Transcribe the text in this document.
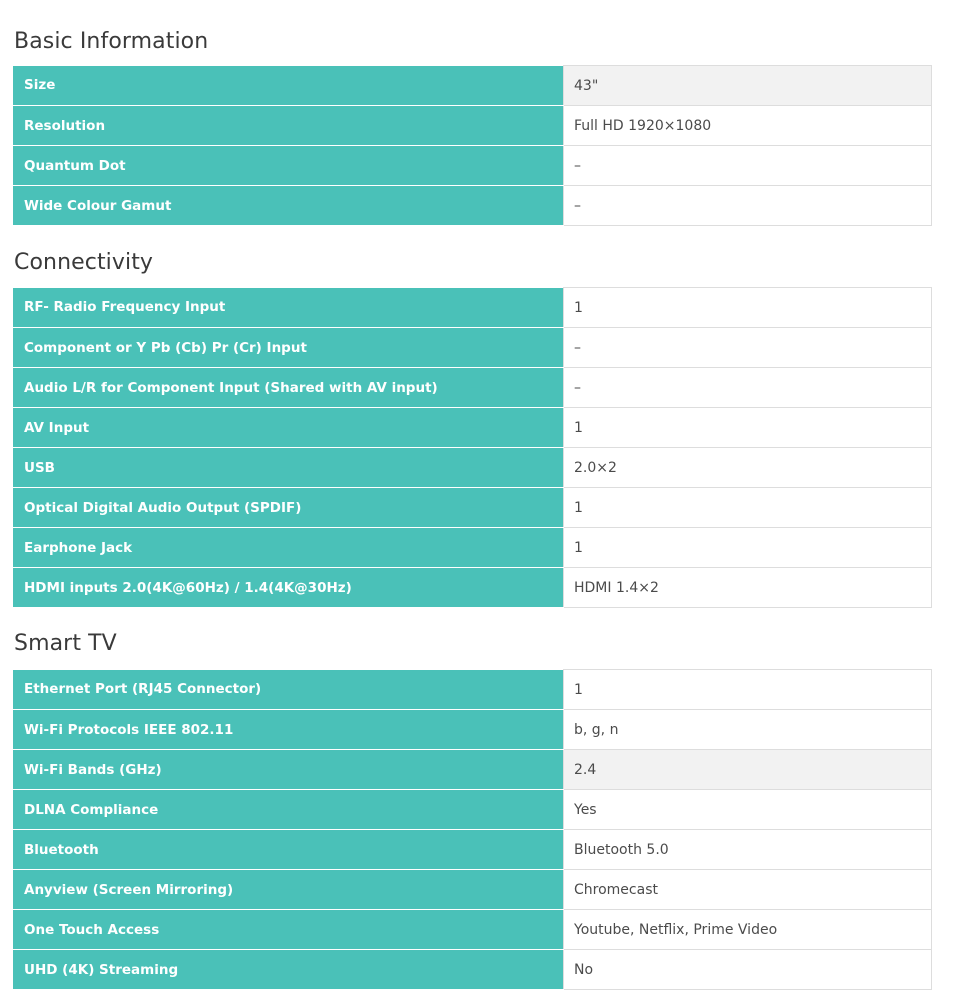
Basic Information
Size	43"
Resolution	Full HD 1920×1080
Quantum Dot	–
Wide Colour Gamut	–
Connectivity
RF- Radio Frequency Input	1
Component or Y Pb (Cb) Pr (Cr) Input	–
Audio L/R for Component Input (Shared with AV input)	–
AV Input	1
USB	2.0×2
Optical Digital Audio Output (SPDIF)	1
Earphone Jack	1
HDMI inputs 2.0(4K@60Hz) / 1.4(4K@30Hz)	HDMI 1.4×2
Smart TV
Ethernet Port (RJ45 Connector)	1
Wi-Fi Protocols IEEE 802.11	b, g, n
Wi-Fi Bands (GHz)	2.4
DLNA Compliance	Yes
Bluetooth	Bluetooth 5.0
Anyview (Screen Mirroring)	Chromecast
One Touch Access	Youtube, Netflix, Prime Video
UHD (4K) Streaming	No
